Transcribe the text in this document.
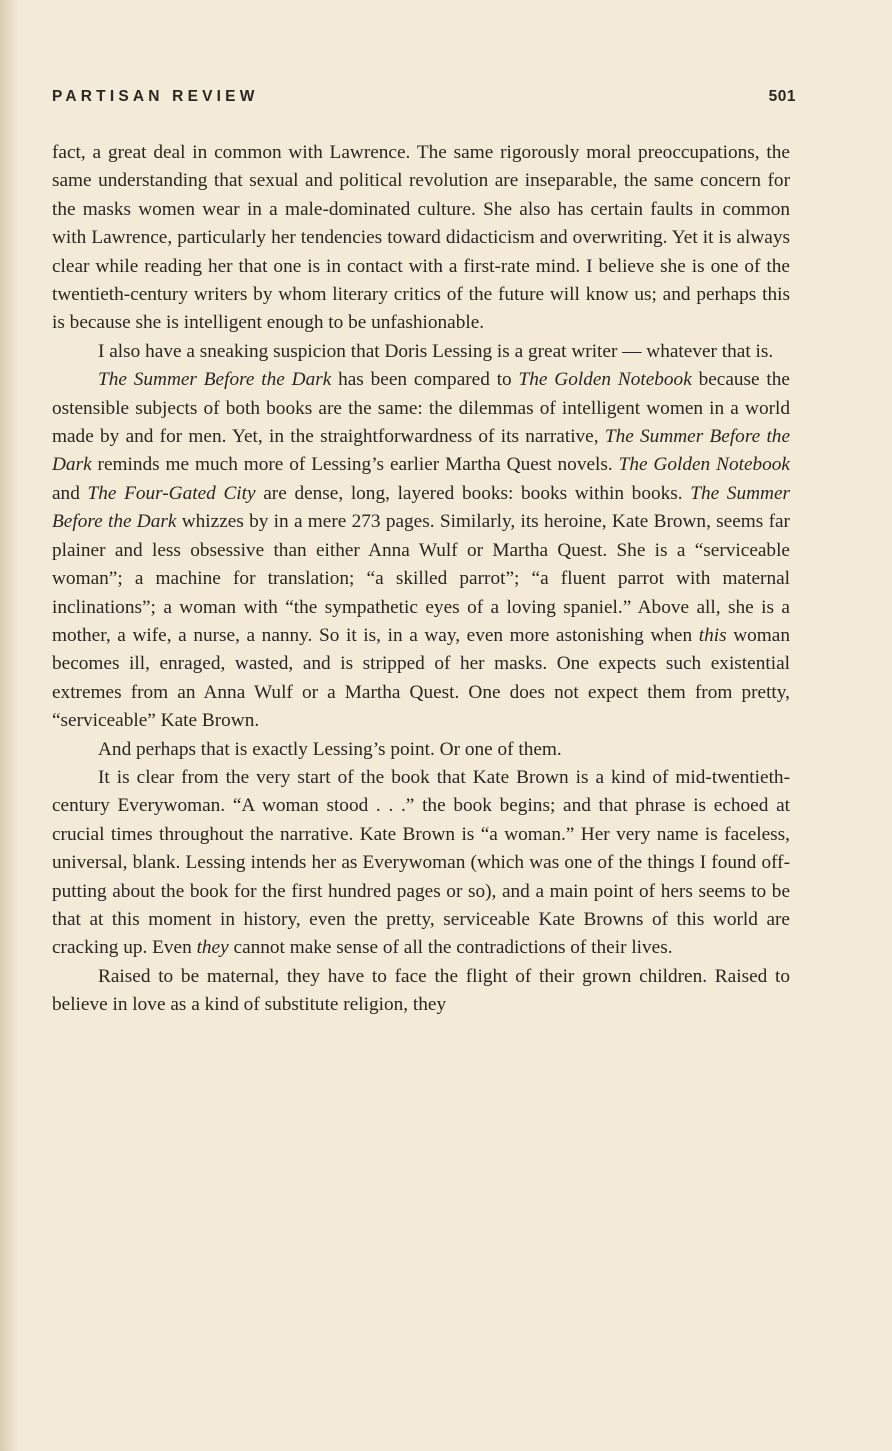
PARTISAN REVIEW	501

fact, a great deal in common with Lawrence. The same rigorously moral preoccupations, the same understanding that sexual and political revolution are inseparable, the same concern for the masks women wear in a male-dominated culture. She also has certain faults in common with Lawrence, particularly her tendencies toward didacticism and overwriting. Yet it is always clear while reading her that one is in contact with a first-rate mind. I believe she is one of the twentieth-century writers by whom literary critics of the future will know us; and perhaps this is because she is intelligent enough to be unfashionable.

I also have a sneaking suspicion that Doris Lessing is a great writer — whatever that is.

The Summer Before the Dark has been compared to The Golden Notebook because the ostensible subjects of both books are the same: the dilemmas of intelligent women in a world made by and for men. Yet, in the straightforwardness of its narrative, The Summer Before the Dark reminds me much more of Lessing’s earlier Martha Quest novels. The Golden Notebook and The Four-Gated City are dense, long, layered books: books within books. The Summer Before the Dark whizzes by in a mere 273 pages. Similarly, its heroine, Kate Brown, seems far plainer and less obsessive than either Anna Wulf or Martha Quest. She is a “serviceable woman”; a machine for translation; “a skilled parrot”; “a fluent parrot with maternal inclinations”; a woman with “the sympathetic eyes of a loving spaniel.” Above all, she is a mother, a wife, a nurse, a nanny. So it is, in a way, even more astonishing when this woman becomes ill, enraged, wasted, and is stripped of her masks. One expects such existential extremes from an Anna Wulf or a Martha Quest. One does not expect them from pretty, “serviceable” Kate Brown.

And perhaps that is exactly Lessing’s point. Or one of them.

It is clear from the very start of the book that Kate Brown is a kind of mid-twentieth-century Everywoman. “A woman stood . . .” the book begins; and that phrase is echoed at crucial times throughout the narrative. Kate Brown is “a woman.” Her very name is faceless, universal, blank. Lessing intends her as Everywoman (which was one of the things I found off-putting about the book for the first hundred pages or so), and a main point of hers seems to be that at this moment in history, even the pretty, serviceable Kate Browns of this world are cracking up. Even they cannot make sense of all the contradictions of their lives.

Raised to be maternal, they have to face the flight of their grown children. Raised to believe in love as a kind of substitute religion, they
